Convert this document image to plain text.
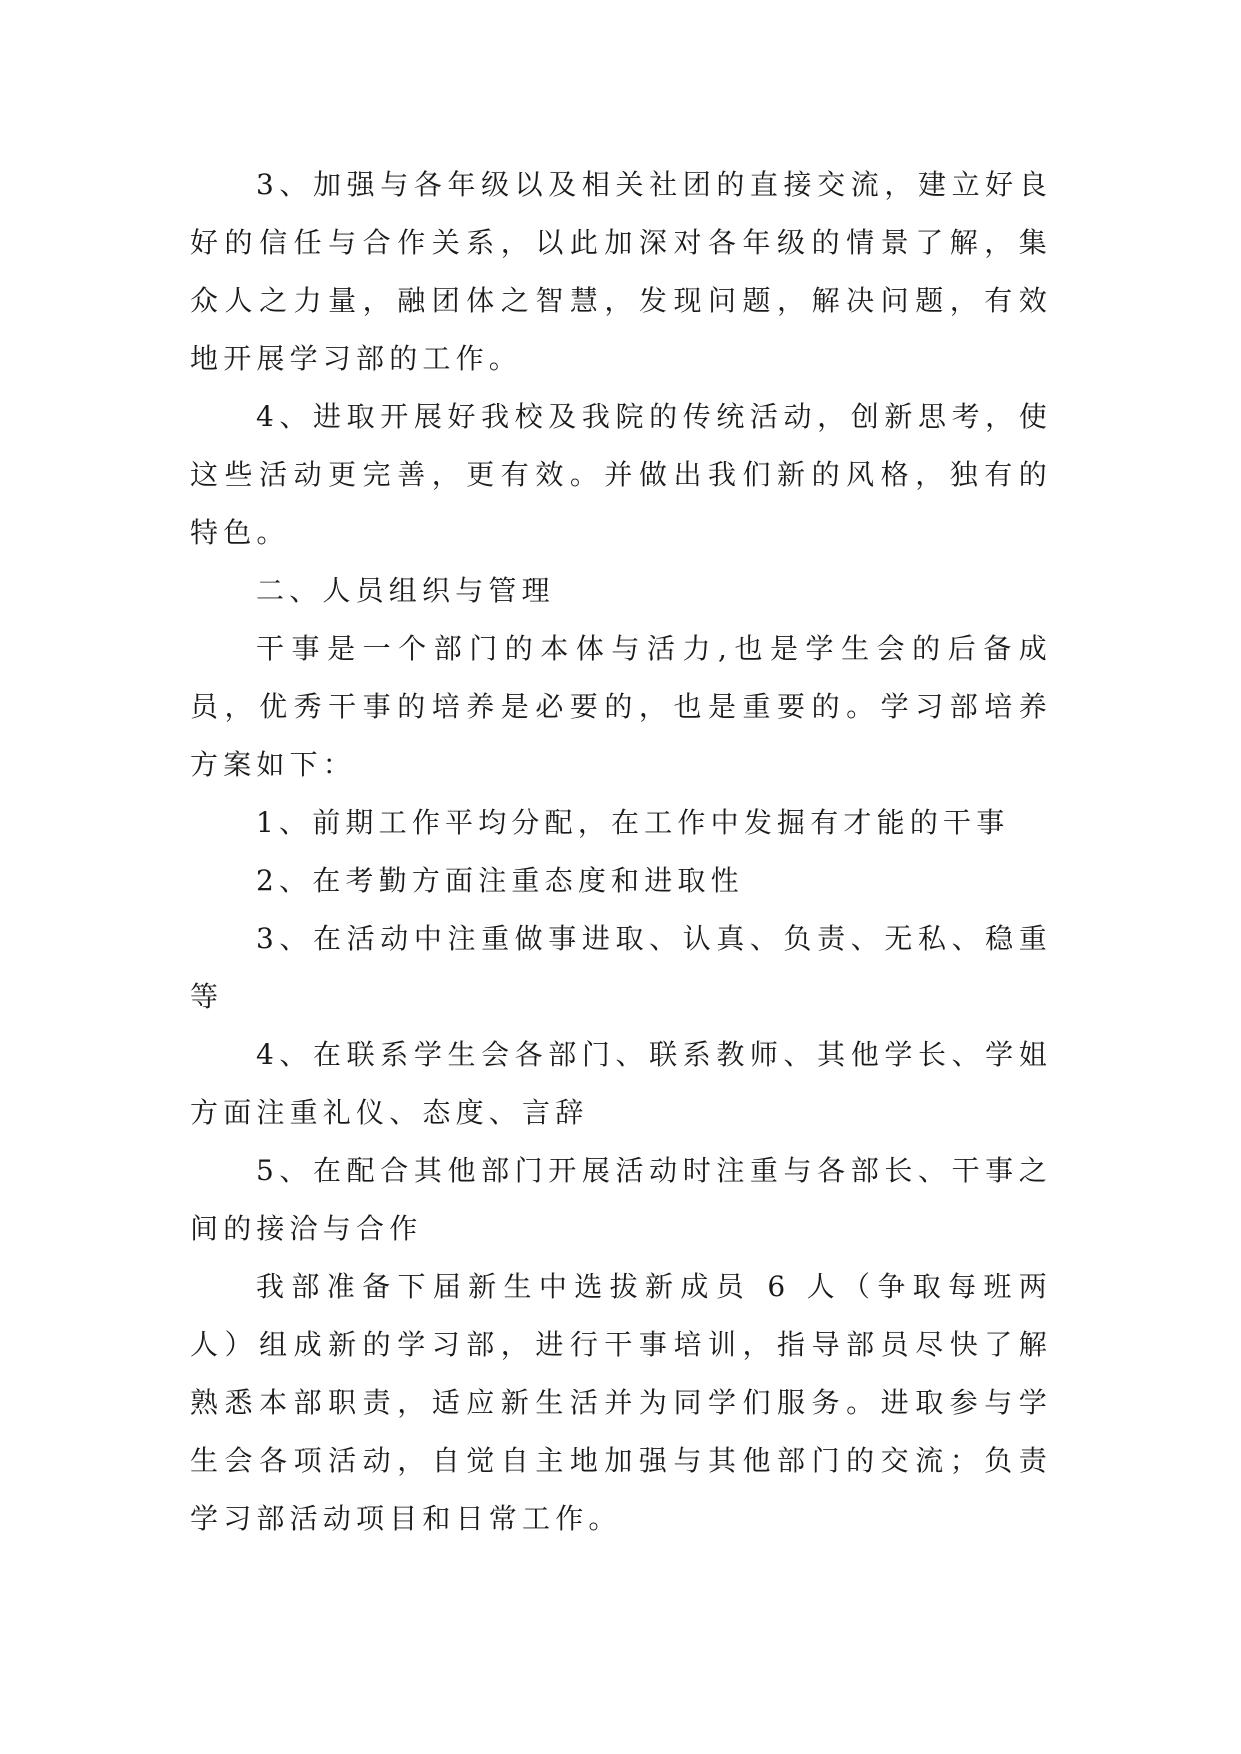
3、加强与各年级以及相关社团的直接交流，建立好良好的信任与合作关系，以此加深对各年级的情景了解，集众人之力量，融团体之智慧，发现问题，解决问题，有效地开展学习部的工作。

4、进取开展好我校及我院的传统活动，创新思考，使这些活动更完善，更有效。并做出我们新的风格，独有的特色。

二、人员组织与管理

干事是一个部门的本体与活力,也是学生会的后备成员，优秀干事的培养是必要的，也是重要的。学习部培养方案如下：

1、前期工作平均分配，在工作中发掘有才能的干事

2、在考勤方面注重态度和进取性

3、在活动中注重做事进取、认真、负责、无私、稳重等

4、在联系学生会各部门、联系教师、其他学长、学姐方面注重礼仪、态度、言辞

5、在配合其他部门开展活动时注重与各部长、干事之间的接洽与合作

我部准备下届新生中选拔新成员 6 人（争取每班两人）组成新的学习部，进行干事培训，指导部员尽快了解熟悉本部职责，适应新生活并为同学们服务。进取参与学生会各项活动，自觉自主地加强与其他部门的交流；负责学习部活动项目和日常工作。
